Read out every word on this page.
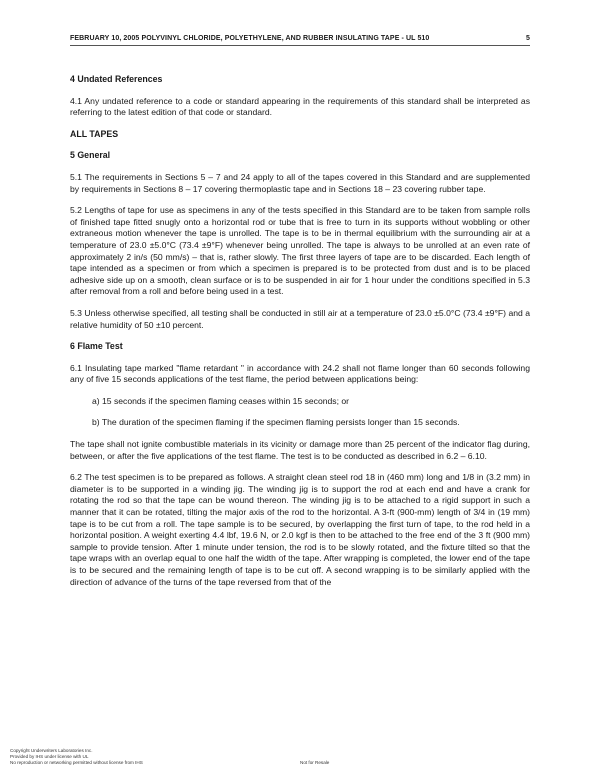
FEBRUARY 10, 2005 POLYVINYL CHLORIDE, POLYETHYLENE, AND RUBBER INSULATING TAPE - UL 510	5
4 Undated References
4.1 Any undated reference to a code or standard appearing in the requirements of this standard shall be interpreted as referring to the latest edition of that code or standard.
ALL TAPES
5 General
5.1 The requirements in Sections 5 – 7 and 24 apply to all of the tapes covered in this Standard and are supplemented by requirements in Sections 8 – 17 covering thermoplastic tape and in Sections 18 – 23 covering rubber tape.
5.2 Lengths of tape for use as specimens in any of the tests specified in this Standard are to be taken from sample rolls of finished tape fitted snugly onto a horizontal rod or tube that is free to turn in its supports without wobbling or other extraneous motion whenever the tape is unrolled. The tape is to be in thermal equilibrium with the surrounding air at a temperature of 23.0 ±5.0°C (73.4 ±9°F) whenever being unrolled. The tape is always to be unrolled at an even rate of approximately 2 in/s (50 mm/s) – that is, rather slowly. The first three layers of tape are to be discarded. Each length of tape intended as a specimen or from which a specimen is prepared is to be protected from dust and is to be placed adhesive side up on a smooth, clean surface or is to be suspended in air for 1 hour under the conditions specified in 5.3 after removal from a roll and before being used in a test.
5.3 Unless otherwise specified, all testing shall be conducted in still air at a temperature of 23.0 ±5.0°C (73.4 ±9°F) and a relative humidity of 50 ±10 percent.
6 Flame Test
6.1 Insulating tape marked "flame retardant " in accordance with 24.2 shall not flame longer than 60 seconds following any of five 15 seconds applications of the test flame, the period between applications being:
a) 15 seconds if the specimen flaming ceases within 15 seconds; or
b) The duration of the specimen flaming if the specimen flaming persists longer than 15 seconds.
The tape shall not ignite combustible materials in its vicinity or damage more than 25 percent of the indicator flag during, between, or after the five applications of the test flame. The test is to be conducted as described in 6.2 – 6.10.
6.2 The test specimen is to be prepared as follows. A straight clean steel rod 18 in (460 mm) long and 1/8 in (3.2 mm) in diameter is to be supported in a winding jig. The winding jig is to support the rod at each end and have a crank for rotating the rod so that the tape can be wound thereon. The winding jig is to be attached to a rigid support in such a manner that it can be rotated, tilting the major axis of the rod to the horizontal. A 3-ft (900-mm) length of 3/4 in (19 mm) tape is to be cut from a roll. The tape sample is to be secured, by overlapping the first turn of tape, to the rod held in a horizontal position. A weight exerting 4.4 lbf, 19.6 N, or 2.0 kgf is then to be attached to the free end of the 3 ft (900 mm) sample to provide tension. After 1 minute under tension, the rod is to be slowly rotated, and the fixture tilted so that the tape wraps with an overlap equal to one half the width of the tape. After wrapping is completed, the lower end of the tape is to be secured and the remaining length of tape is to be cut off. A second wrapping is to be similarly applied with the direction of advance of the turns of the tape reversed from that of the
Copyright Underwriters Laboratories Inc.
Provided by IHS under license with UL
No reproduction or networking permitted without license from IHS	Not for Resale
